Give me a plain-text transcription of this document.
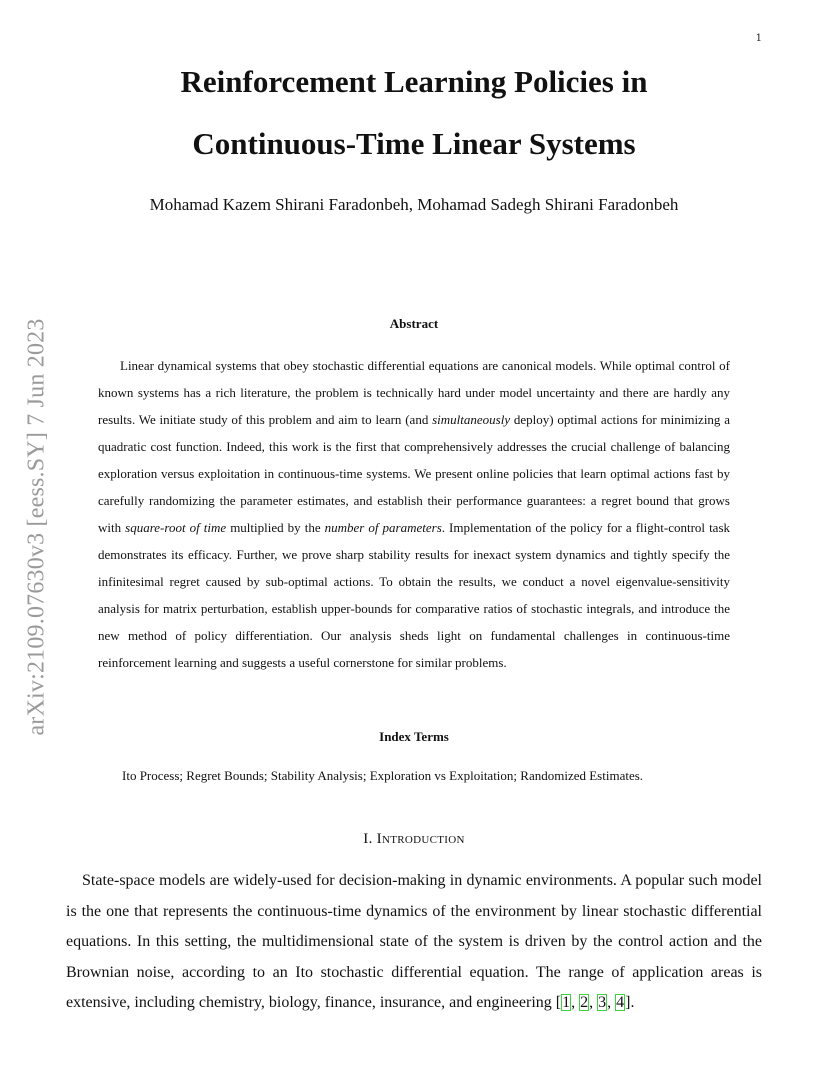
1
arXiv:2109.07630v3 [eess.SY] 7 Jun 2023
Reinforcement Learning Policies in
Continuous-Time Linear Systems
Mohamad Kazem Shirani Faradonbeh, Mohamad Sadegh Shirani Faradonbeh
Abstract

Linear dynamical systems that obey stochastic differential equations are canonical models. While optimal control of known systems has a rich literature, the problem is technically hard under model uncertainty and there are hardly any results. We initiate study of this problem and aim to learn (and simultaneously deploy) optimal actions for minimizing a quadratic cost function. Indeed, this work is the first that comprehensively addresses the crucial challenge of balancing exploration versus exploitation in continuous-time systems. We present online policies that learn optimal actions fast by carefully randomizing the parameter estimates, and establish their performance guarantees: a regret bound that grows with square-root of time multiplied by the number of parameters. Implementation of the policy for a flight-control task demonstrates its efficacy. Further, we prove sharp stability results for inexact system dynamics and tightly specify the infinitesimal regret caused by sub-optimal actions. To obtain the results, we conduct a novel eigenvalue-sensitivity analysis for matrix perturbation, establish upper-bounds for comparative ratios of stochastic integrals, and introduce the new method of policy differentiation. Our analysis sheds light on fundamental challenges in continuous-time reinforcement learning and suggests a useful cornerstone for similar problems.

Index Terms
Ito Process; Regret Bounds; Stability Analysis; Exploration vs Exploitation; Randomized Estimates.
I. Introduction

State-space models are widely-used for decision-making in dynamic environments. A popular such model is the one that represents the continuous-time dynamics of the environment by linear stochastic differential equations. In this setting, the multidimensional state of the system is driven by the control action and the Brownian noise, according to an Ito stochastic differential equation. The range of application areas is extensive, including chemistry, biology, finance, insurance, and engineering [1, 2, 3, 4].
